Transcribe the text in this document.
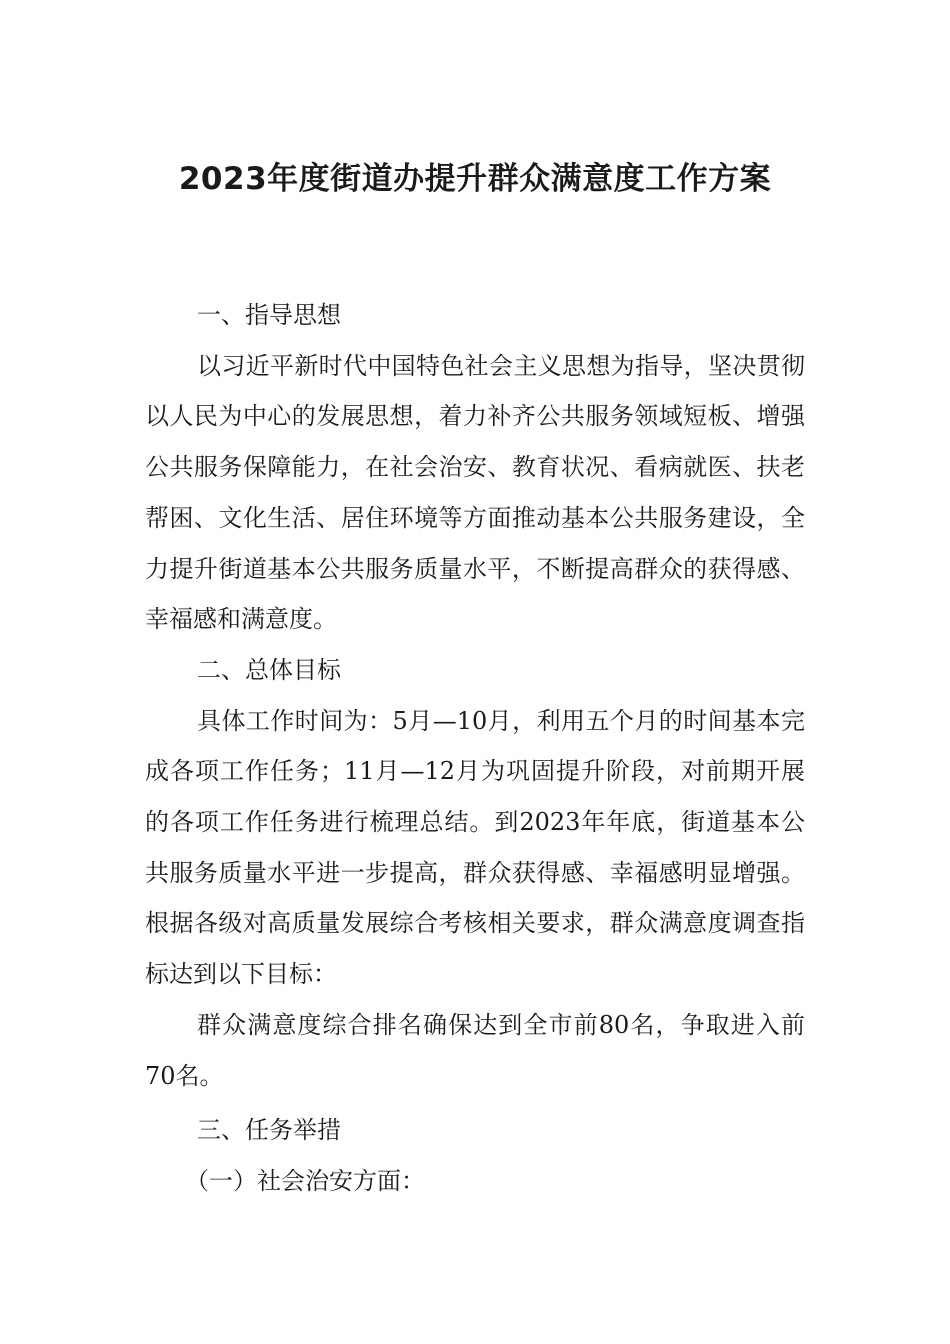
2023年度街道办提升群众满意度工作方案

一、指导思想

以习近平新时代中国特色社会主义思想为指导，坚决贯彻以人民为中心的发展思想，着力补齐公共服务领域短板、增强公共服务保障能力，在社会治安、教育状况、看病就医、扶老帮困、文化生活、居住环境等方面推动基本公共服务建设，全力提升街道基本公共服务质量水平，不断提高群众的获得感、幸福感和满意度。

二、总体目标

具体工作时间为：5月—10月，利用五个月的时间基本完成各项工作任务；11月—12月为巩固提升阶段，对前期开展的各项工作任务进行梳理总结。到2023年年底，街道基本公共服务质量水平进一步提高，群众获得感、幸福感明显增强。根据各级对高质量发展综合考核相关要求，群众满意度调查指标达到以下目标：

群众满意度综合排名确保达到全市前80名，争取进入前70名。

三、任务举措

（一）社会治安方面：
